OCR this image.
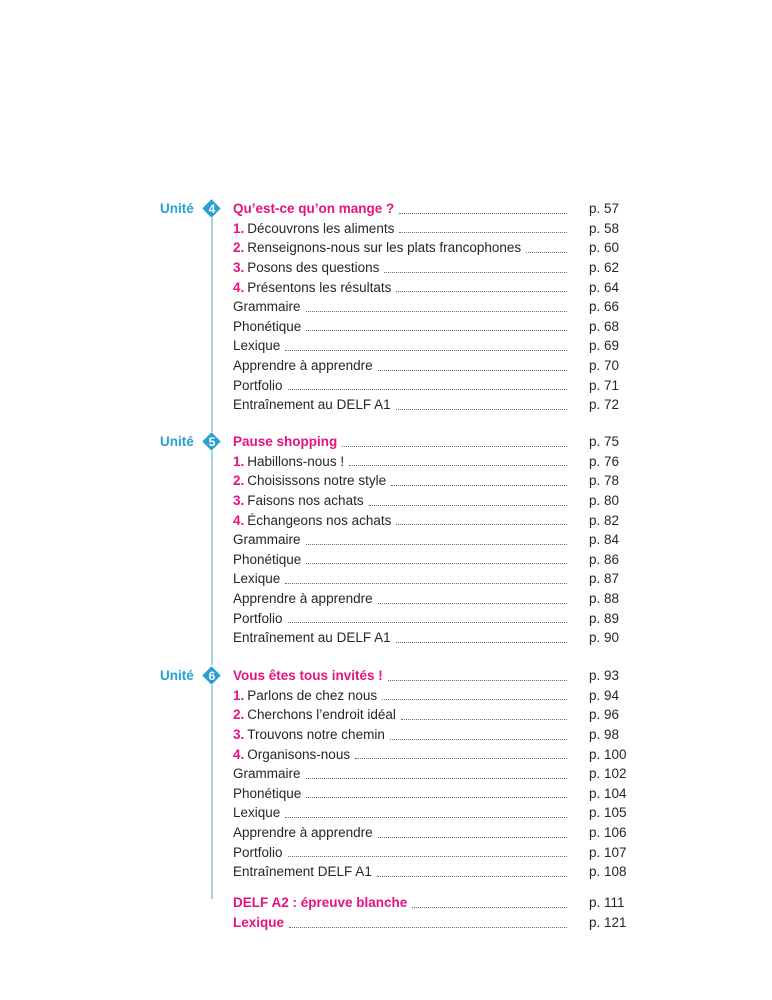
Unité	4	Qu’est-ce qu’on mange ?	p. 57
1. Découvrons les aliments	p. 58
2. Renseignons-nous sur les plats francophones	p. 60
3. Posons des questions	p. 62
4. Présentons les résultats	p. 64
Grammaire	p. 66
Phonétique	p. 68
Lexique	p. 69
Apprendre à apprendre	p. 70
Portfolio	p. 71
Entraînement au DELF A1	p. 72
Unité	5	Pause shopping	p. 75
1. Habillons-nous !	p. 76
2. Choisissons notre style	p. 78
3. Faisons nos achats	p. 80
4. Échangeons nos achats	p. 82
Grammaire	p. 84
Phonétique	p. 86
Lexique	p. 87
Apprendre à apprendre	p. 88
Portfolio	p. 89
Entraînement au DELF A1	p. 90
Unité	6	Vous êtes tous invités !	p. 93
1. Parlons de chez nous	p. 94
2. Cherchons l’endroit idéal	p. 96
3. Trouvons notre chemin	p. 98
4. Organisons-nous	p. 100
Grammaire	p. 102
Phonétique	p. 104
Lexique	p. 105
Apprendre à apprendre	p. 106
Portfolio	p. 107
Entraînement DELF A1	p. 108
DELF A2 : épreuve blanche	p. 111
Lexique	p. 121
